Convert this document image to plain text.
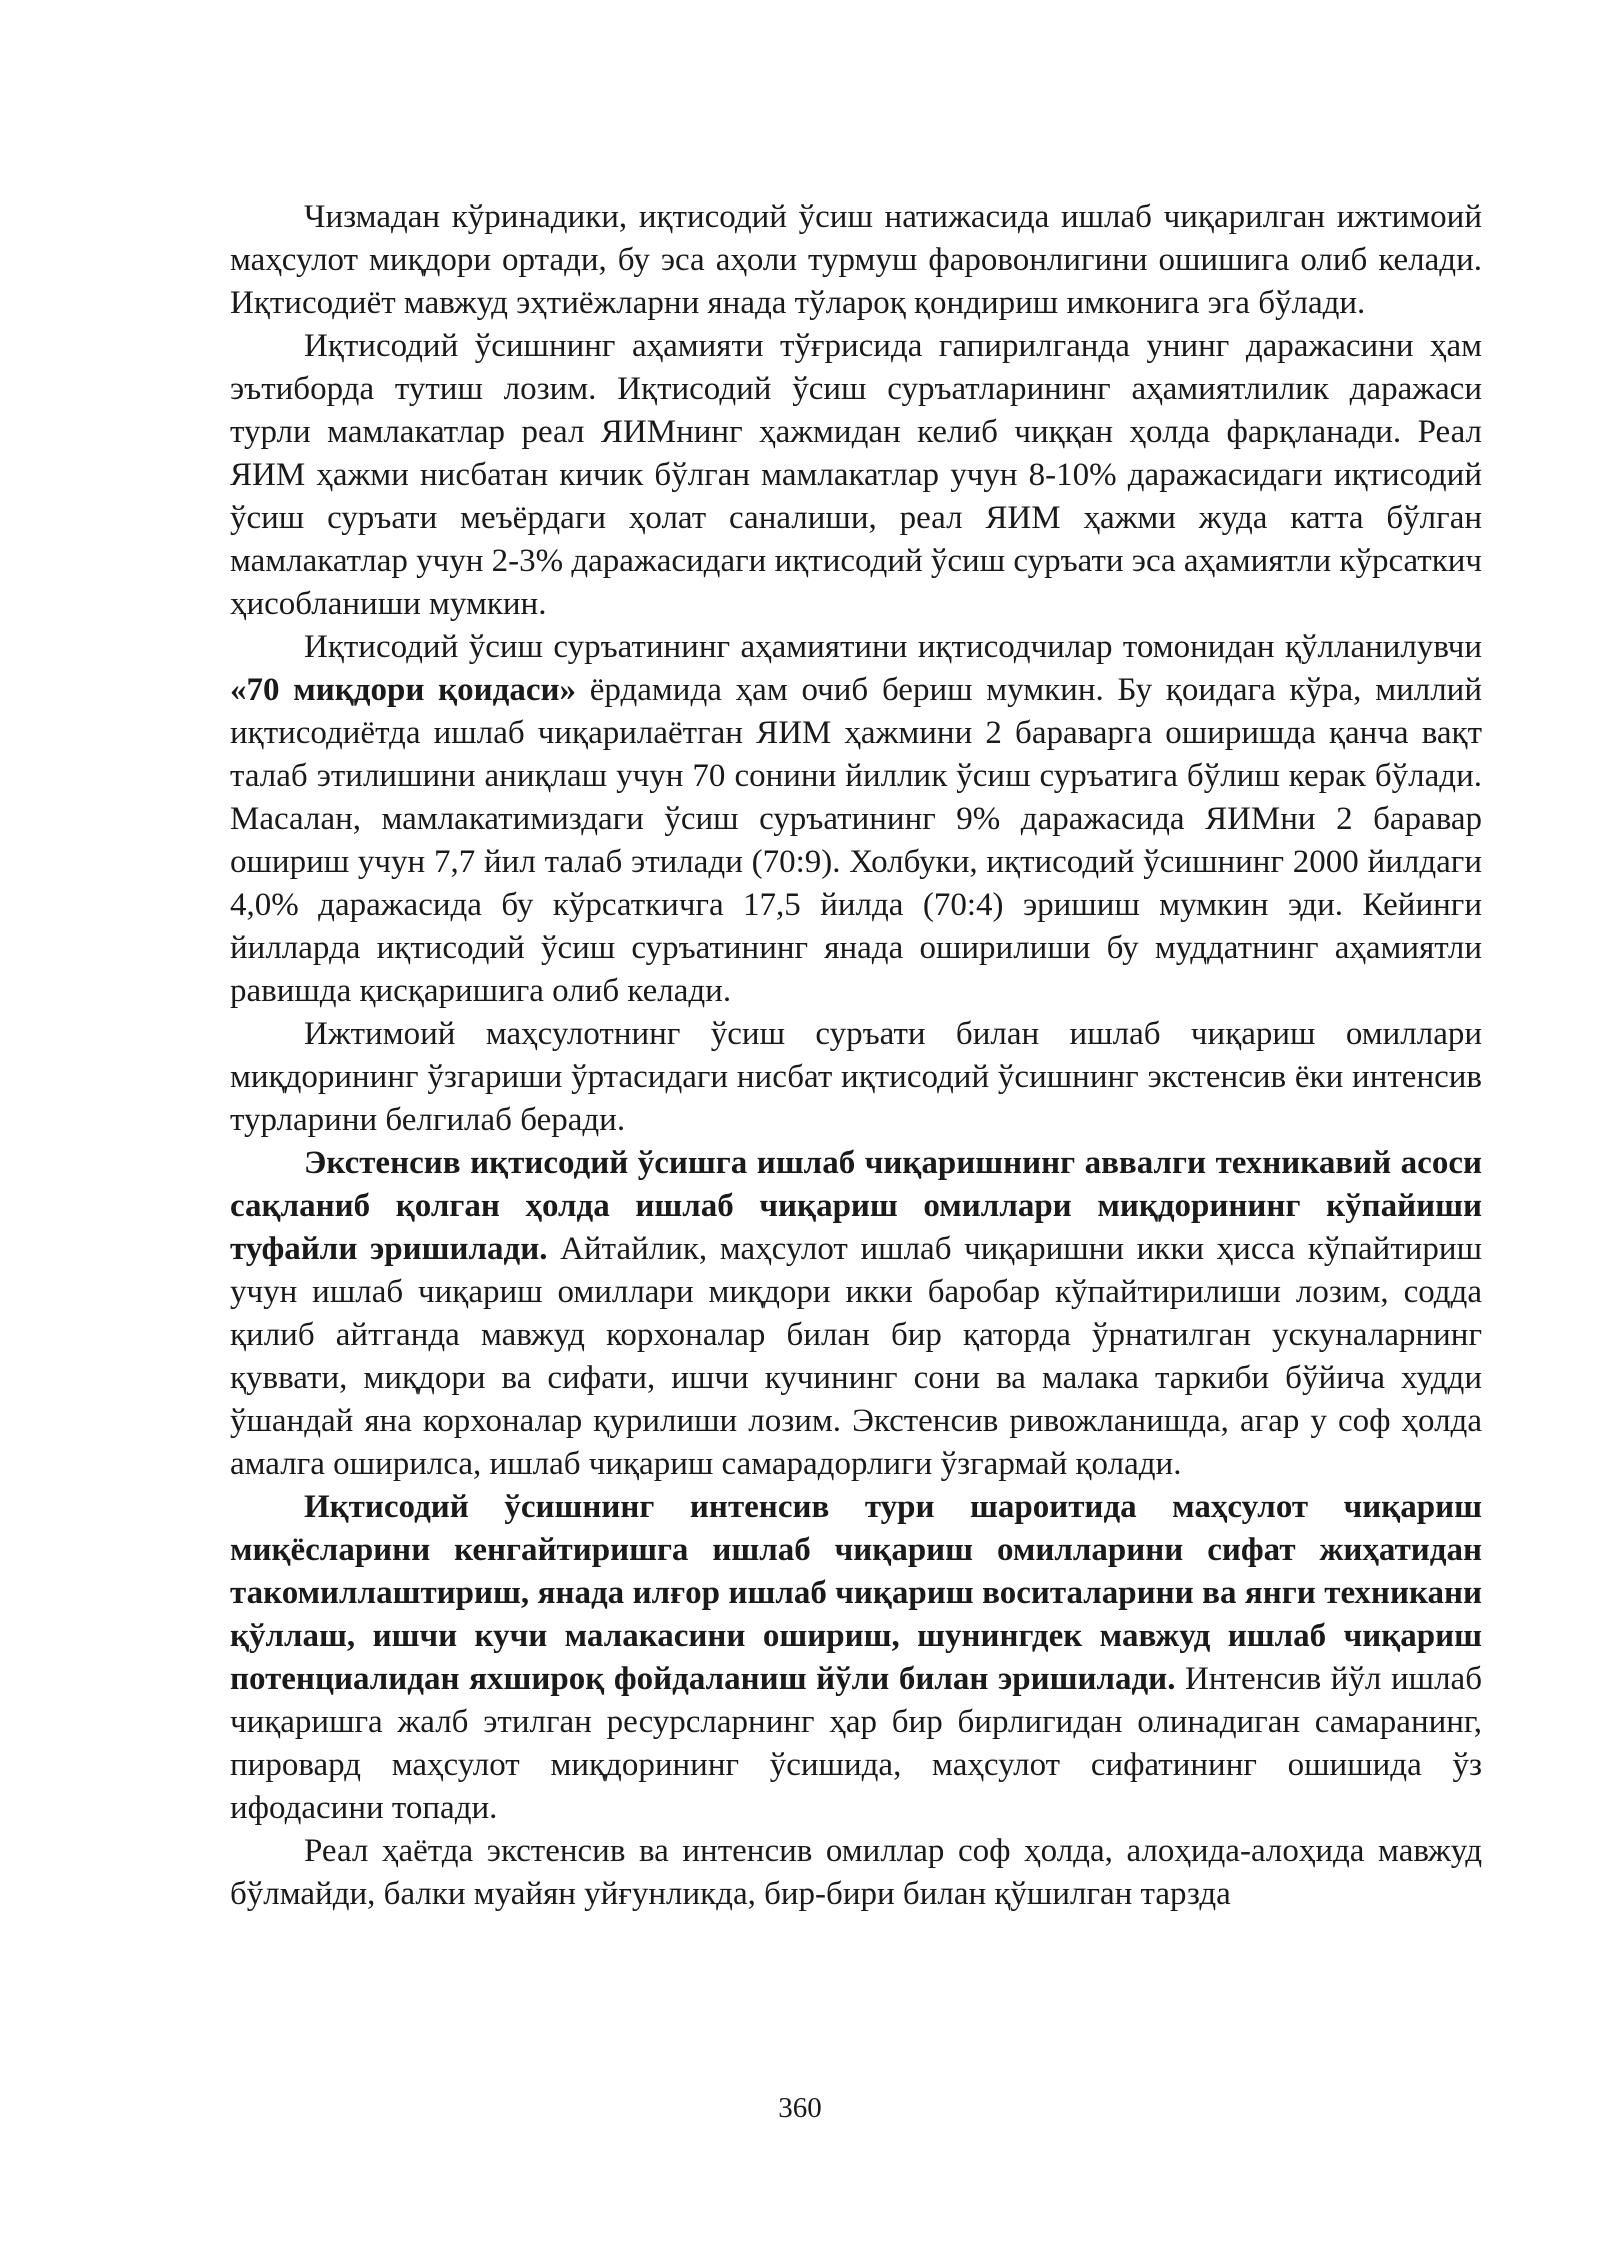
Чизмадан кўринадики, иқтисодий ўсиш натижасида ишлаб чиқарилган ижтимоий маҳсулот миқдори ортади, бу эса аҳоли турмуш фаровонлигини ошишига олиб келади. Иқтисодиёт мавжуд эҳтиёжларни янада тўлароқ қондириш имконига эга бўлади.

Иқтисодий ўсишнинг аҳамияти тўғрисида гапирилганда унинг даражасини ҳам эътиборда тутиш лозим. Иқтисодий ўсиш суръатларининг аҳамиятлилик даражаси турли мамлакатлар реал ЯИМнинг ҳажмидан келиб чиққан ҳолда фарқланади. Реал ЯИМ ҳажми нисбатан кичик бўлган мамлакатлар учун 8-10% даражасидаги иқтисодий ўсиш суръати меъёрдаги ҳолат саналиши, реал ЯИМ ҳажми жуда катта бўлган мамлакатлар учун 2-3% даражасидаги иқтисодий ўсиш суръати эса аҳамиятли кўрсаткич ҳисобланиши мумкин.

Иқтисодий ўсиш суръатининг аҳамиятини иқтисодчилар томонидан қўлланилувчи «70 миқдори қоидаси» ёрдамида ҳам очиб бериш мумкин. Бу қоидага кўра, миллий иқтисодиётда ишлаб чиқарилаётган ЯИМ ҳажмини 2 бараварга оширишда қанча вақт талаб этилишини аниқлаш учун 70 сонини йиллик ўсиш суръатига бўлиш керак бўлади. Масалан, мамлакатимиздаги ўсиш суръатининг 9% даражасида ЯИМни 2 баравар ошириш учун 7,7 йил талаб этилади (70:9). Холбуки, иқтисодий ўсишнинг 2000 йилдаги 4,0% даражасида бу кўрсаткичга 17,5 йилда (70:4) эришиш мумкин эди. Кейинги йилларда иқтисодий ўсиш суръатининг янада оширилиши бу муддатнинг аҳамиятли равишда қисқаришига олиб келади.

Ижтимоий маҳсулотнинг ўсиш суръати билан ишлаб чиқариш омиллари миқдорининг ўзгариши ўртасидаги нисбат иқтисодий ўсишнинг экстенсив ёки интенсив турларини белгилаб беради.

Экстенсив иқтисодий ўсишга ишлаб чиқаришнинг аввалги техникавий асоси сақланиб қолган ҳолда ишлаб чиқариш омиллари миқдорининг кўпайиши туфайли эришилади. Айтайлик, маҳсулот ишлаб чиқаришни икки ҳисса кўпайтириш учун ишлаб чиқариш омиллари миқдори икки баробар кўпайтирилиши лозим, содда қилиб айтганда мавжуд корхоналар билан бир қаторда ўрнатилган ускуналарнинг қуввати, миқдори ва сифати, ишчи кучининг сони ва малака таркиби бўйича худди ўшандай яна корхоналар қурилиши лозим. Экстенсив ривожланишда, агар у соф ҳолда амалга оширилса, ишлаб чиқариш самарадорлиги ўзгармай қолади.

Иқтисодий ўсишнинг интенсив тури шароитида маҳсулот чиқариш миқёсларини кенгайтиришга ишлаб чиқариш омилларини сифат жиҳатидан такомиллаштириш, янада илғор ишлаб чиқариш воситаларини ва янги техникани қўллаш, ишчи кучи малакасини ошириш, шунингдек мавжуд ишлаб чиқариш потенциалидан яхшироқ фойдаланиш йўли билан эришилади. Интенсив йўл ишлаб чиқаришга жалб этилган ресурсларнинг ҳар бир бирлигидан олинадиган самаранинг, пировард маҳсулот миқдорининг ўсишида, маҳсулот сифатининг ошишида ўз ифодасини топади.

Реал ҳаётда экстенсив ва интенсив омиллар соф ҳолда, алоҳида-алоҳида мавжуд бўлмайди, балки муайян уйғунликда, бир-бири билан қўшилган тарзда

360
